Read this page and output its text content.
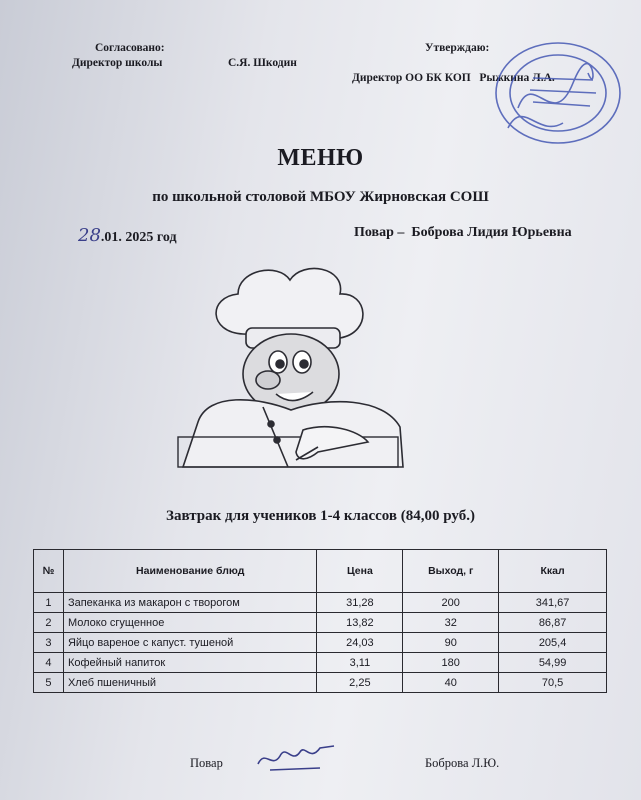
Согласовано:
Директор школы	С.Я. Шкодин
Утверждаю:
Директор ОО БК КОП   Рыжкина Л.А.
МЕНЮ
по школьной столовой МБОУ Жирновская СОШ
28.01. 2025 год	Повар –  Боброва Лидия Юрьевна
Завтрак для учеников 1-4 классов (84,00 руб.)
№	Наименование блюд	Цена	Выход, г	Ккал
1	Запеканка из макарон с творогом	31,28	200	341,67
2	Молоко сгущенное	13,82	32	86,87
3	Яйцо вареное с капуст. тушеной	24,03	90	205,4
4	Кофейный напиток	3,11	180	54,99
5	Хлеб пшеничный	2,25	40	70,5
Повар	Боброва Л.Ю.
